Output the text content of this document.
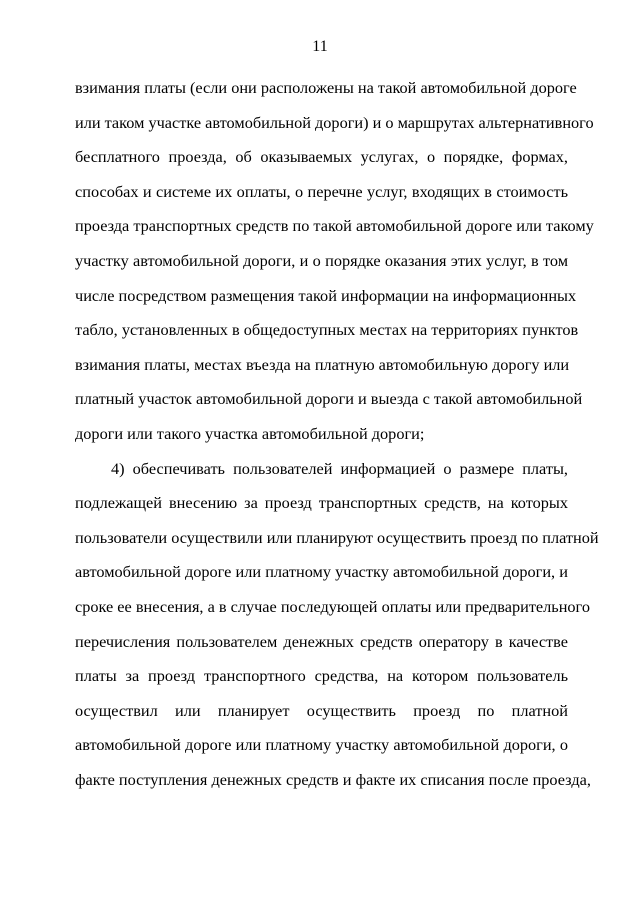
11
взимания платы (если они расположены на такой автомобильной дороге
или таком участке автомобильной дороги) и о маршрутах альтернативного
бесплатного проезда, об оказываемых услугах, о порядке, формах,
способах и системе их оплаты, о перечне услуг, входящих в стоимость
проезда транспортных средств по такой автомобильной дороге или такому
участку автомобильной дороги, и о порядке оказания этих услуг, в том
числе посредством размещения такой информации на информационных
табло, установленных в общедоступных местах на территориях пунктов
взимания платы, местах въезда на платную автомобильную дорогу или
платный участок автомобильной дороги и выезда с такой автомобильной
дороги или такого участка автомобильной дороги;
4) обеспечивать пользователей информацией о размере платы,
подлежащей внесению за проезд транспортных средств, на которых
пользователи осуществили или планируют осуществить проезд по платной
автомобильной дороге или платному участку автомобильной дороги, и
сроке ее внесения, а в случае последующей оплаты или предварительного
перечисления пользователем денежных средств оператору в качестве
платы за проезд транспортного средства, на котором пользователь
осуществил или планирует осуществить проезд по платной
автомобильной дороге или платному участку автомобильной дороги, о
факте поступления денежных средств и факте их списания после проезда,
